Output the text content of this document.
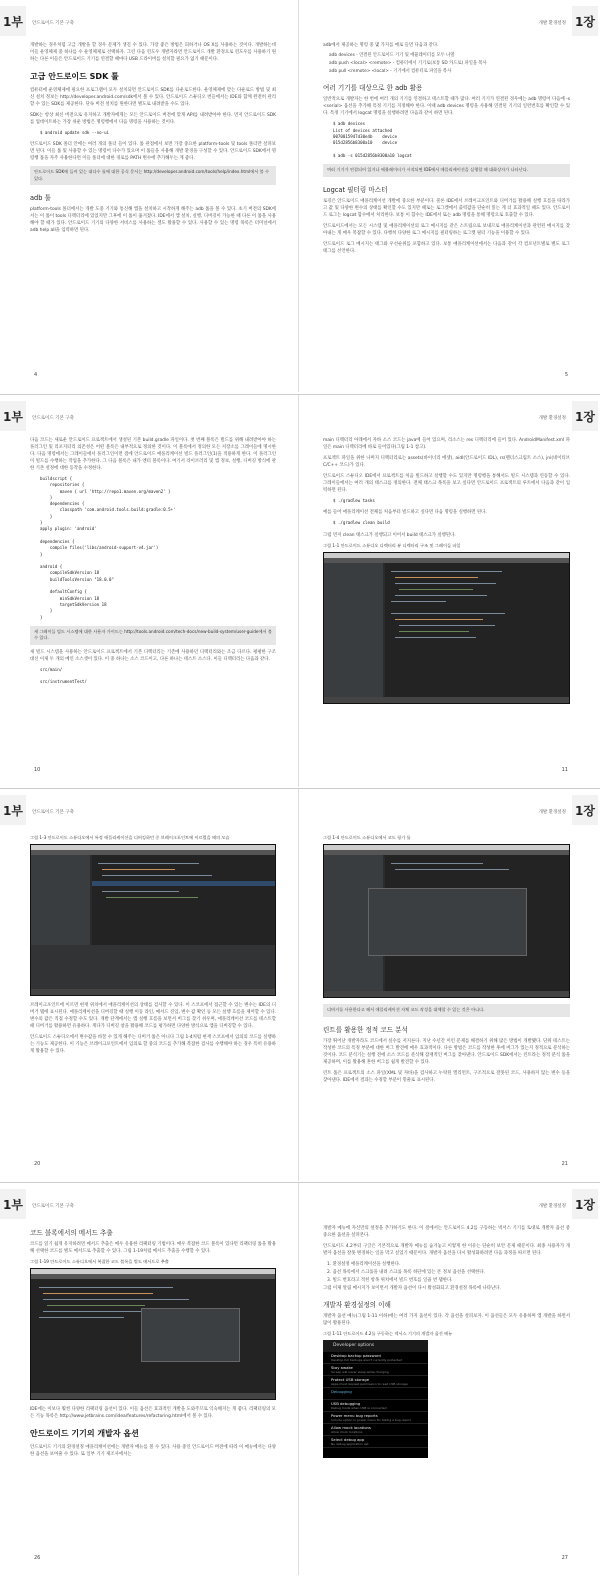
1부	안드로이드 기본 구축

개발하는 경우처럼 고급 개발을 할 경우 문제가 생길 수 있다. 가장 좋은 방법은 피하거나 OS X를 사용하는 것이다. 개발하는데 이들 운영체제 중 하나를 수 운영체제로 선택하자. 그런 다음 윈도우 개발자라면 안드로이드 개발 환경으로 윈도우를 사용하기 원하는 다른 이들은 안드로이드 기기를 연결할 때마다 USB 드라이버를 설치할 필요가 없기 때문이다.

고급 안드로이드 SDK 툴

컴퓨터에 운영체제에 필요한 프로그램이 모두 설치되면 안드로이드 SDK를 다운로드한다. 운영체제에 맞는 다운로드 방법 및 최신 설치 정보는 http://developer.android.com/sdk에서 볼 수 있다. 안드로이드 스튜디오 번들에서는 IDE와 함께 완전히 관리할 수 있는 SDK를 제공한다. 단독 버전 설치를 원한다면 별도로 내려받을 수도 있다.

SDK는 항상 최신 버전으로 유지하고 개발자에게는 모든 안드로이드 버전에 맞게 API를 내려받아야 한다. 먼저 안드로이드 SDK를 업데이트하는 가장 쉬운 방법은 명령행에서 다음 명령을 사용하는 것이다.

$ android update sdk --no-ui

안드로이드 SDK 폴더 안에는 여러 개의 폴더 들이 있다. 툴 관점에서 보면 가장 중요한 platform-tools 및 tools 폴더만 살펴보면 된다. 이들 툴 및 사용할 수 있는 명령어 다수가 있으며 이 툴들을 사용해 개발 환경을 구성할 수 있다. 안드로이드 SDK에서 명령행 툴을 자주 사용한다면 이들 폴더에 대한 경로를 PATH 변수에 추가해두는 게 좋다.

안드로이드 SDK에 들어 있는 대다수 툴에 대한 공식 문서는 http://developer.android.com/tools/help/index.html에서 볼 수 있다.
adb 툴

platform-tools 폴더에서는 개발 도중 기기와 통신해 앱을 설치하고 시작하게 해주는 adb 툴을 볼 수 있다. 초기 버전의 SDK에서는 이 툴이 tools 디렉터리에 있었지만 그후에 이 툴이 옮겨졌다. IDE에서 앱 설치, 실행, 디버깅이 가능한 때 다른 이 툴을 사용해야 할 때가 있다. 안드로이드 기기의 다양한 서비스를 사용하는 셸도 활용할 수 있다. 사용할 수 있는 명령 목록은 터미널에서 adb help all을 입력하면 된다.

4
1장
개발 환경설정

adb에서 제공하는 명령 중 몇 가지를 예로 들면 다음과 같다.

adb devices - 연결된 안드로이드 기기 및 에뮬레이터를 모두 나열
adb push <local> <remote> - 컴퓨터에서 기기로(보통 SD 카드로) 파일을 복사
adb pull <remote> <local> - 기기에서 컴퓨터로 파일을 복사
여러 기기를 대상으로 한 adb 활용

일반적으로 개발자는 한 번에 여러 개의 기기를 연결하고 테스트할 때가 많다. 여러 기기가 연결된 경우에는 adb 명령어 다음에 -s <serial> 옵션을 추가해 특정 기기를 지정해야 한다. 이때 adb devices 명령을 사용해 연결된 기기의 일련번호를 확인할 수 있다. 특정 기기에서 logcat 명령을 실행하려면 다음과 같이 하면 된다.

$ adb devices
List of devices attached
0070015947d30e4b    device
015d2856b8300a10    device

$ adb -s 015d2856b8300a10 logcat
여러 기기가 연결되어 있거나 에뮬레이터가 시작되면 IDE에서 애플리케이션을 실행할 때 대화상자가 나타난다.
Logcat 필터링 마스터

로깅은 안드로이드 애플리케이션 개발에 중요한 부분이다. 물론 IDE에서 브레이크포인트와 디버거를 활용해 실행 흐름을 따라가고 값 및 다양한 변수의 상태를 확인할 수도 있지만 때로는 로그캣에서 출력값을 단순히 읽는 게 더 효과적일 때도 있다. 안드로이드 로그는 logcat 함수에서 처리한다. 보통 이 함수는 IDE에서 또는 adb 명령을 통해 명령으로 호출할 수 있다.

안드로이드에서는 모든 시스템 및 애플리케이션의 로그 메시지를 같은 스트림으로 보내므로 애플리케이션과 관련된 메시지를 찾아내는 게 매우 복잡할 수 있다. 다행히 다양한 로그 메시지를 필터링하는 로그캣 필터 기능을 이용할 수 있다.

안드로이드 로그 메시지는 태그와 우선순위를 포함하고 있다. 보통 애플리케이션에서는 다음과 같이 각 컴포넌트별로 별도 로그 태그를 선언한다.

5
1부	안드로이드 기본 구축

다음 코드는 새로운 안드로이드 프로젝트에서 생성된 기본 build.gradle 파일이다. 첫 번째 블록은 빌드를 위해 내려받아야 하는 플러그인 및 리포지터리 의존성은 어떤 블록은 내부적으로 정의한 것이다. 이 블록에서 정의한 모든 저장소를 그레이들에 명시한다. 다음 명령에서는 그레이들에서 플러그인이면 점에 안드로이드 애플리케이션 빌드 플러그인(1)을 적용하게 한다. 이 플러그인이 빌드를 수행하는 작업을 추가한다. 그 다음 블록은 내가 엔터 블록이다. 여기서 라이브러리 및 앱 정보, 실행, 디버깅 방식에 관한 기본 설정에 대한 동작을 수정한다.

buildscript {
repositories {
maven { url 'http://repo1.maven.org/maven2' }
}
dependencies {
classpath 'com.android.tools.build:gradle:0.5+'
}
}
apply plugin: 'android'

dependencies {
compile files('libs/android-support-v4.jar')
}

android {
compileSdkVersion 18
buildToolsVersion "18.0.0"

defaultConfig {
minSdkVersion 18
targetSdkVersion 18
}
}
새 그레이들 빌드 시스템에 대한 사용자 가이드는 http://tools.android.com/tech-docs/new-build-system/user-guide에서 볼 수 있다.

새 빌드 시스템을 사용하는 안드로이드 프로젝트에서 기본 디렉터리는 기존에 사용하던 디렉터리와는 조금 다르다. 평평한 구조 대신 이제 두 개의 메인 소스셋이 있다. 이 중 하나는 소스 코드이고, 다른 하나는 테스트 소스다. 이들 디렉터리는 다음과 같다.

src/main/

src/instrumentTest/
10
1장
개발 환경설정

main 디렉터리 아래에서 자바 소스 코드는 java에 들어 있으며, 리소스는 res 디렉터리에 들어 있다. AndroidManifest.xml 파일은 main 디렉터리에 바로 들어있다(그림 1-1 참고).

프로젝트 파일을 위한 나머지 디렉터리로는 assets(바이너리 에셋), aidl(안드로이드 IDL), rs(렌더스크립트 소스), jni(네이티브 C/C++ 코드)가 있다.

안드로이드 스튜디오 IDE에서 프로젝트를 처음 빌드하고 실행할 수도 있지만 명령행을 통해서도 빌드 시스템과 연동할 수 있다. 그레이들에서는 여러 개의 태스크를 정의한다. 전체 태스크 목록을 보고 싶다면 안드로이드 프로젝트의 루트에서 다음과 같이 입력하면 된다.

$ ./gradlew tasks

예를 들어 애플리케이션 전체를 처음부터 빌드하고 싶다면 다음 명령을 실행하면 된다.

$ ./gradlew clean build

그럼 먼저 clean 태스크가 실행되고 이어서 build 태스크가 실행된다.

그림 1-1 안드로이드 스튜디오 디렉터리 뷰 디렉터리 구조 및 그레이들 파일
11
1부	안드로이드 기본 구축
그림 1-3 안드로이드 스튜디오에서 특정 애플리케이션을 디버깅하던 중 브레이크포인트에 이르렀을 때의 모습

브레이크포인트에 이르면 현재 위치에서 애플리케이션의 상태를 검사할 수 있다. 이 스코프에서 접근할 수 있는 변수는 IDE의 디버거 탭에 표시된다. 애플리케이션을 디버깅할 때 실행 이동 라인, 메서드 진입, 변수 값 확인 등 모든 실행 흐름을 제어할 수 있다. 변수의 값은 직접 수정할 수도 있다. 개발 단계에서는 앱 실행 흐름을 보면서 버그를 찾기 쉬우며, 애플리케이션 코드를 테스트할 때 디버거를 활용하면 유용하다. 게다가 디버깅 창을 활용해 코드를 평가하면 다양한 방식으로 앱을 디버깅할 수 있다.

안드로이드 스튜디오에서 변수값을 바꿀 수 있게 해주는 디버거 툴은 아니다 그림 1-4처럼 현재 스코프에서 임의의 코드를 실행하는 기능도 제공한다. 이 기능은 브레이크포인트에서 임의로 할 중의 코드를 추가해 복잡한 검사를 수행해야 하는 경우 특히 유용하게 활용할 수 있다.

20
1장
개발 환경설정
그림 1-4 안드로이드 스튜디오에서 코드 평가 툴
디버거를 사용한다고 해서 애플리케이션 자체 코드 작성을 대체할 수 있는 것은 아니다.
린트를 활용한 정적 코드 분석

가장 뛰어난 개발자라도 코드에서 실수를 저지른다. 지난 수년간 이런 문제를 해결하기 위해 많은 방법이 개발됐다. 단위 테스트는 작성한 코드의 특정 부분에 대한 버그 발견에 매우 효과적이다. 다른 방법은 코드를 작성한 후에 버그가 있는지 정적으로 분석하는 것이다. 코드 분석기는 실행 전에 소스 코드를 분석해 잠재적인 버그를 찾아낸다. 안드로이드 SDK에서는 린트라는 정적 분석 툴을 제공하며, 이를 활용해 흔한 버그를 쉽게 발견할 수 있다.

린트 툴은 프로젝트의 소스 파일(XML 및 자바)을 검사하고 누락된 엘리먼트, 구조적으로 잘못된 코드, 사용하지 않는 변수 등을 찾아낸다. IDE에서 결과는 수정할 부분이 밑줄로 표시된다.

21
1부	안드로이드 기본 구축
코드 블록에서의 메서드 추출

코드를 읽기 쉽게 유지하려면 메서드 추출은 매우 유용한 리팩터링 기법이다. 매우 복잡한 코드 블록이 있다면 리팩터링 툴을 활용해 선택한 코드를 별도 메서드로 추출할 수 있다. 그림 1-19처럼 메서드 추출을 수행할 수 있다.

그림 1-19 안드로이드 스튜디오에서 복잡한 코드 블록을 별도 메서드로 추출

IDE에는 이보다 훨씬 다양한 리팩터링 옵션이 있다. 이들 옵션은 효과적인 개발을 도와주므로 익숙해지는 게 좋다. 리팩터링의 모든 기능 목록은 http://www.jetbrains.com/idea/features/refactoring.html에서 볼 수 있다.

안드로이드 기기의 개발자 옵션

안드로이드 기기의 환경설정 애플리케이션에는 개발자 메뉴를 볼 수 있다. 사용 중인 안드로이드 버전에 따라 이 메뉴에서는 다양한 옵션을 보여줄 수 있다. 또 일부 기기 제조사에서는

26
1장
개발 환경설정

개발자 메뉴에 자신만의 설정을 추가하기도 한다. 이 절에서는 안드로이드 4.2를 구동하는 넥서스 기기를 토대로 개발자 옵션 중 중요한 옵션을 살펴본다.

안드로이드 4.2부터 구글은 기본적으로 개발자 메뉴를 숨겨놓고 이렇게 한 이유는 단순히 보안 문제 때문이다. 최종 사용자가 개발자 옵션을 잘못 변경하는 일을 막고 싶었기 때문이다. 개발자 옵션을 다시 활성화하려면 다음 과정을 따르면 된다.

1. 환경설정 애플리케이션을 실행한다.
2. 옵션 목록에서 스크롤을 내려 스크롤 목록 하단에 있는 폰 정보 옵션을 선택한다.
3. 빌드 번호라고 적힌 항목 위치에서 빌드 번호를 일곱 번 탭한다.

그럼 이제 알림 메시지가 보이면서 개발자 옵션이 다시 활성화되고 환경설정 목록에 나타난다.

개발자 환경설정의 이해

개발자 옵션 메뉴(그림 1-11 이하)에는 여러 가지 옵션이 있다. 각 옵션을 살펴보자. 이 옵션들은 모두 유용하며 앱 개발을 하면서 많이 활용된다.

그림 1-11 안드로이드 4.2를 구동하는 넥서스 기기의 개발자 옵션 메뉴
Developer options
Desktop backup password
Desktop full backups aren't currently protected
Stay awake
Screen will never sleep while charging
Protect USB storage
Apps must request permission to read USB storage
Debugging
USB debugging
Debug mode when USB is connected
Power menu bug reports
Include option in power menu for taking a bug report
Allow mock locations
Allow mock locations
Select debug app
No debug application set
27
